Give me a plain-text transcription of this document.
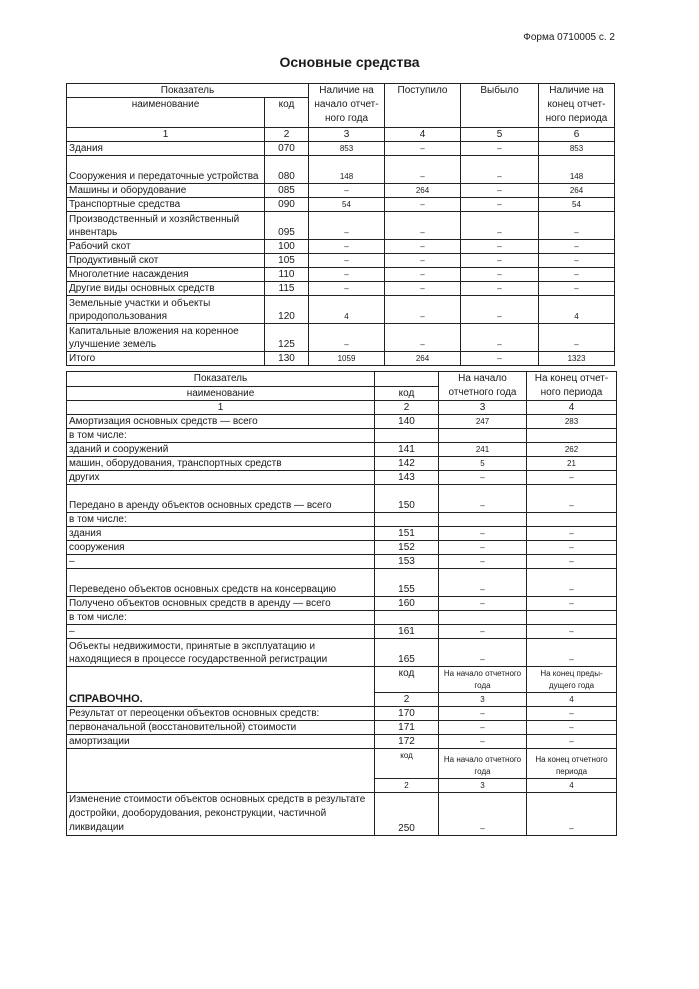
Форма 0710005 с. 2
Основные средства
Показатель		Наличие на начало отчет- ного года	Поступило	Выбыло	Наличие на конец отчет- ного периода
наименование	код				
1	2	3	4	5	6
Здания	070	853	–	–	853
Сооружения и передаточные устройства	080	148	–	–	148
Машины и оборудование	085	–	264	–	264
Транспортные средства	090	54	–	–	54
Производственный и хозяйственный инвентарь	095	–	–	–	–
Рабочий скот	100	–	–	–	–
Продуктивный скот	105	–	–	–	–
Многолетние насаждения	110	–	–	–	–
Другие виды основных средств	115	–	–	–	–
Земельные участки и объекты природопользования	120	4	–	–	4
Капитальные вложения на коренное улучшение земель	125	–	–	–	–
Итого	130	1059	264	–	1323
Показатель		На начало отчетного года	На конец отчет- ного периода
наименование	код		
1	2	3	4
Амортизация основных средств — всего	140	247	283
в том числе:			
зданий и сооружений	141	241	262
машин, оборудования, транспортных средств	142	5	21
других	143	–	–
Передано в аренду объектов основных средств — всего	150	–	–
в том числе:			
здания	151	–	–
сооружения	152	–	–
–	153	–	–
Переведено объектов основных средств на консервацию	155	–	–
Получено объектов основных средств в аренду — всего	160	–	–
в том числе:			
–	161	–	–
Объекты недвижимости, принятые в эксплуатацию и находящиеся в процессе государственной регистрации	165	–	–
СПРАВОЧНО.	код	На начало отчетного года	На конец преды- дущего года
	2	3	4
Результат от переоценки объектов основных средств:	170	–	–
первоначальной (восстановительной) стоимости	171	–	–
амортизации	172	–	–
	код	На начало отчетного года	На конец отчетного периода
	2	3	4
Изменение стоимости объектов основных средств в результате достройки, дооборудования, реконструкции, частичной ликвидации	250	–	–
